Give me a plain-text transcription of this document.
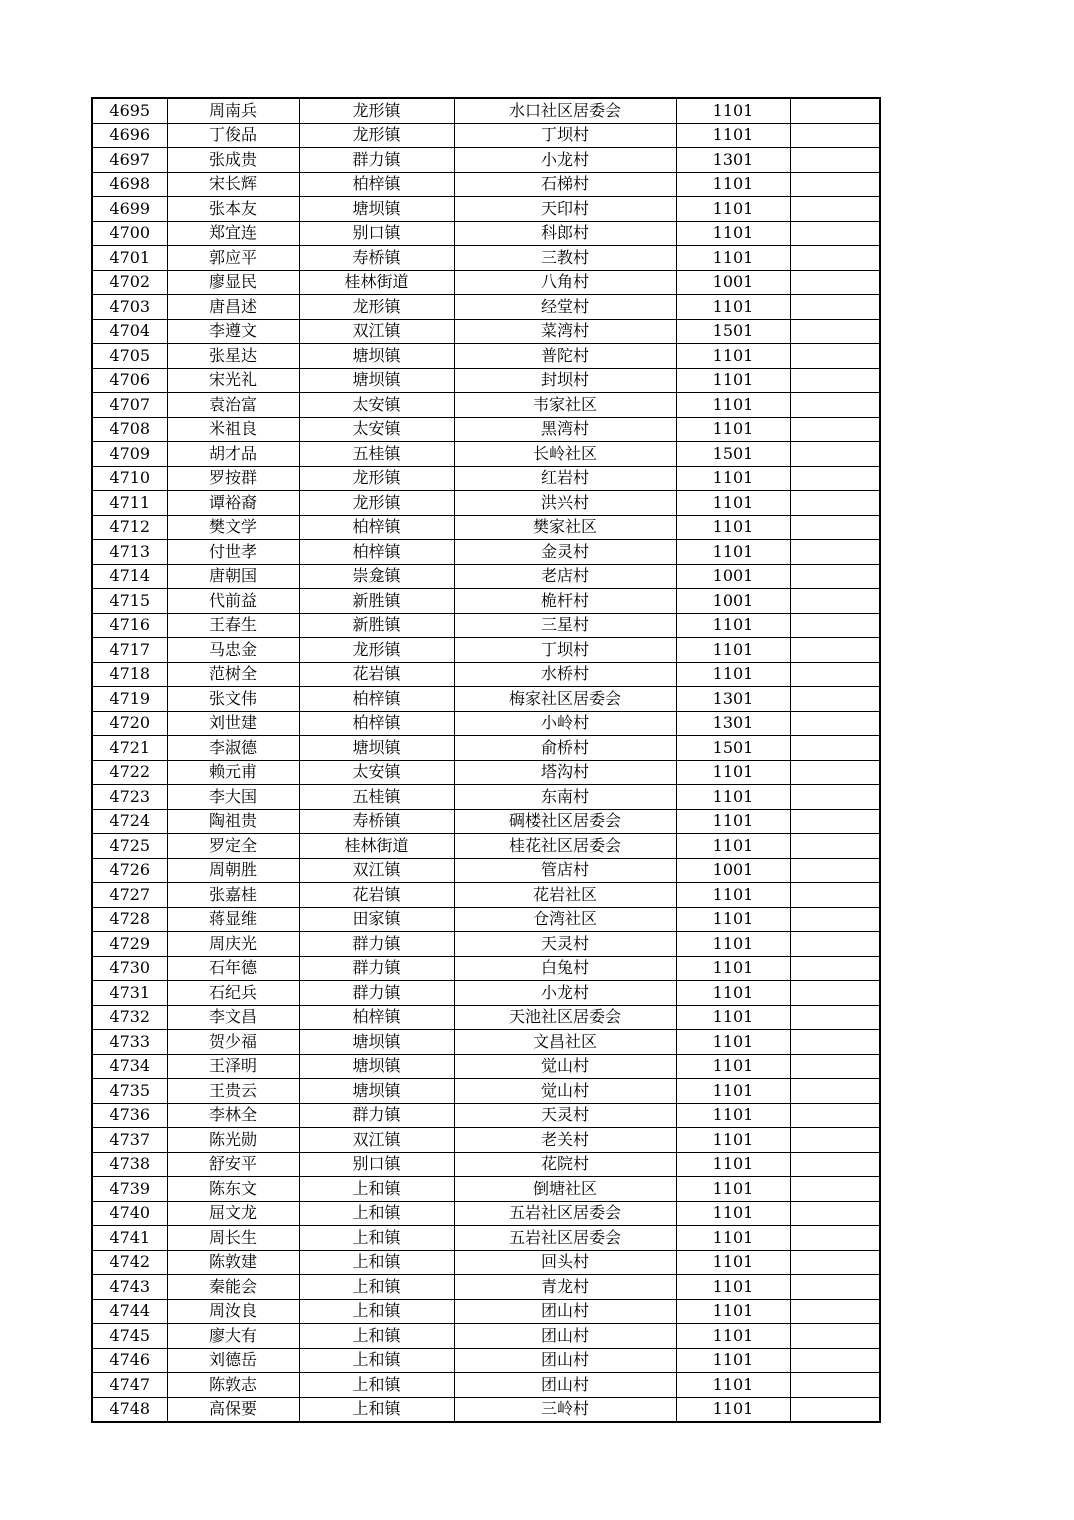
4695	周南兵	龙形镇	水口社区居委会	1101	
4696	丁俊品	龙形镇	丁坝村	1101	
4697	张成贵	群力镇	小龙村	1301	
4698	宋长辉	柏梓镇	石梯村	1101	
4699	张本友	塘坝镇	天印村	1101	
4700	郑宜连	别口镇	科郎村	1101	
4701	郭应平	寿桥镇	三教村	1101	
4702	廖显民	桂林街道	八角村	1001	
4703	唐昌述	龙形镇	经堂村	1101	
4704	李遵文	双江镇	菜湾村	1501	
4705	张星达	塘坝镇	普陀村	1101	
4706	宋光礼	塘坝镇	封坝村	1101	
4707	袁治富	太安镇	韦家社区	1101	
4708	米祖良	太安镇	黑湾村	1101	
4709	胡才品	五桂镇	长岭社区	1501	
4710	罗按群	龙形镇	红岩村	1101	
4711	谭裕裔	龙形镇	洪兴村	1101	
4712	樊文学	柏梓镇	樊家社区	1101	
4713	付世孝	柏梓镇	金灵村	1101	
4714	唐朝国	崇龛镇	老店村	1001	
4715	代前益	新胜镇	桅杆村	1001	
4716	王春生	新胜镇	三星村	1101	
4717	马忠金	龙形镇	丁坝村	1101	
4718	范树全	花岩镇	水桥村	1101	
4719	张文伟	柏梓镇	梅家社区居委会	1301	
4720	刘世建	柏梓镇	小岭村	1301	
4721	李淑德	塘坝镇	俞桥村	1501	
4722	赖元甫	太安镇	塔沟村	1101	
4723	李大国	五桂镇	东南村	1101	
4724	陶祖贵	寿桥镇	碉楼社区居委会	1101	
4725	罗定全	桂林街道	桂花社区居委会	1101	
4726	周朝胜	双江镇	管店村	1001	
4727	张嘉桂	花岩镇	花岩社区	1101	
4728	蒋显维	田家镇	仓湾社区	1101	
4729	周庆光	群力镇	天灵村	1101	
4730	石年德	群力镇	白兔村	1101	
4731	石纪兵	群力镇	小龙村	1101	
4732	李文昌	柏梓镇	天池社区居委会	1101	
4733	贺少福	塘坝镇	文昌社区	1101	
4734	王泽明	塘坝镇	觉山村	1101	
4735	王贵云	塘坝镇	觉山村	1101	
4736	李林全	群力镇	天灵村	1101	
4737	陈光勋	双江镇	老关村	1101	
4738	舒安平	别口镇	花院村	1101	
4739	陈东文	上和镇	倒塘社区	1101	
4740	屈文龙	上和镇	五岩社区居委会	1101	
4741	周长生	上和镇	五岩社区居委会	1101	
4742	陈敦建	上和镇	回头村	1101	
4743	秦能会	上和镇	青龙村	1101	
4744	周汝良	上和镇	团山村	1101	
4745	廖大有	上和镇	团山村	1101	
4746	刘德岳	上和镇	团山村	1101	
4747	陈敦志	上和镇	团山村	1101	
4748	高保要	上和镇	三岭村	1101	
